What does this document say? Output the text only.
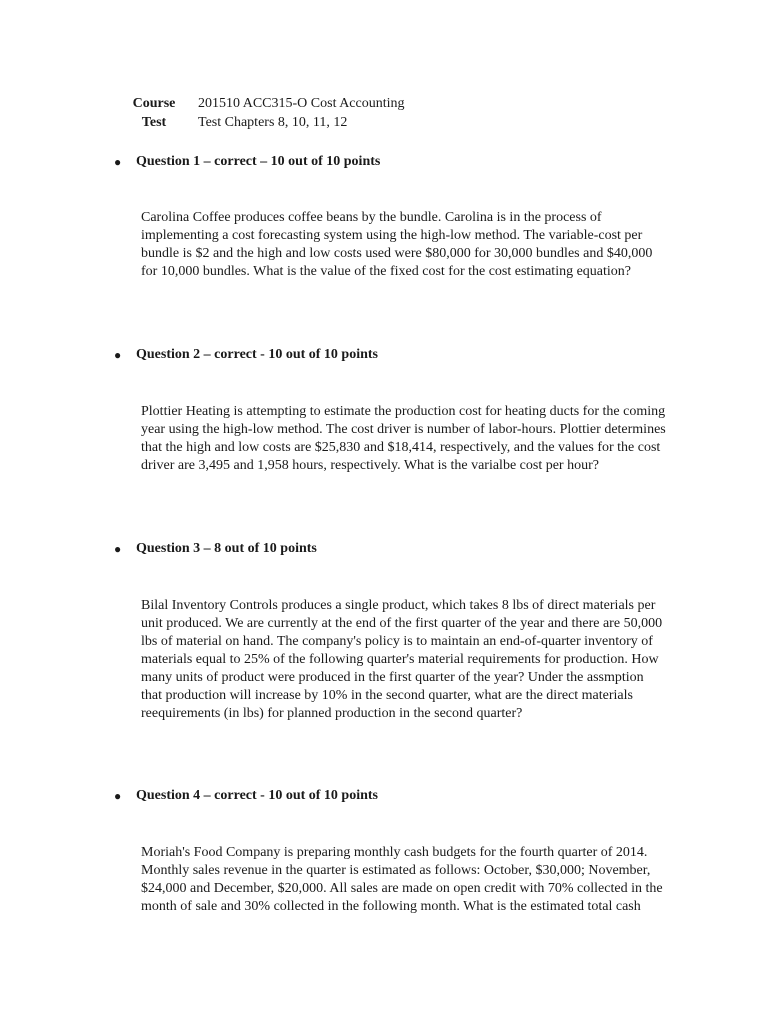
Course	201510 ACC315-O Cost Accounting
Test	Test Chapters 8, 10, 11, 12
●	Question 1 – correct – 10 out of 10 points

Carolina Coffee produces coffee beans by the bundle. Carolina is in the process of
implementing a cost forecasting system using the high-low method. The variable-cost per
bundle is $2 and the high and low costs used were $80,000 for 30,000 bundles and $40,000
for 10,000 bundles. What is the value of the fixed cost for the cost estimating equation?

●	Question 2 – correct - 10 out of 10 points

Plottier Heating is attempting to estimate the production cost for heating ducts for the coming
year using the high-low method. The cost driver is number of labor-hours. Plottier determines
that the high and low costs are $25,830 and $18,414, respectively, and the values for the cost
driver are 3,495 and 1,958 hours, respectively. What is the varialbe cost per hour?

●	Question 3 – 8 out of 10 points

Bilal Inventory Controls produces a single product, which takes 8 lbs of direct materials per
unit produced. We are currently at the end of the first quarter of the year and there are 50,000
lbs of material on hand. The company's policy is to maintain an end-of-quarter inventory of
materials equal to 25% of the following quarter's material requirements for production. How
many units of product were produced in the first quarter of the year? Under the assmption
that production will increase by 10% in the second quarter, what are the direct materials
reequirements (in lbs) for planned production in the second quarter?

●	Question 4 – correct - 10 out of 10 points

Moriah's Food Company is preparing monthly cash budgets for the fourth quarter of 2014.
Monthly sales revenue in the quarter is estimated as follows: October, $30,000; November,
$24,000 and December, $20,000. All sales are made on open credit with 70% collected in the
month of sale and 30% collected in the following month. What is the estimated total cash
